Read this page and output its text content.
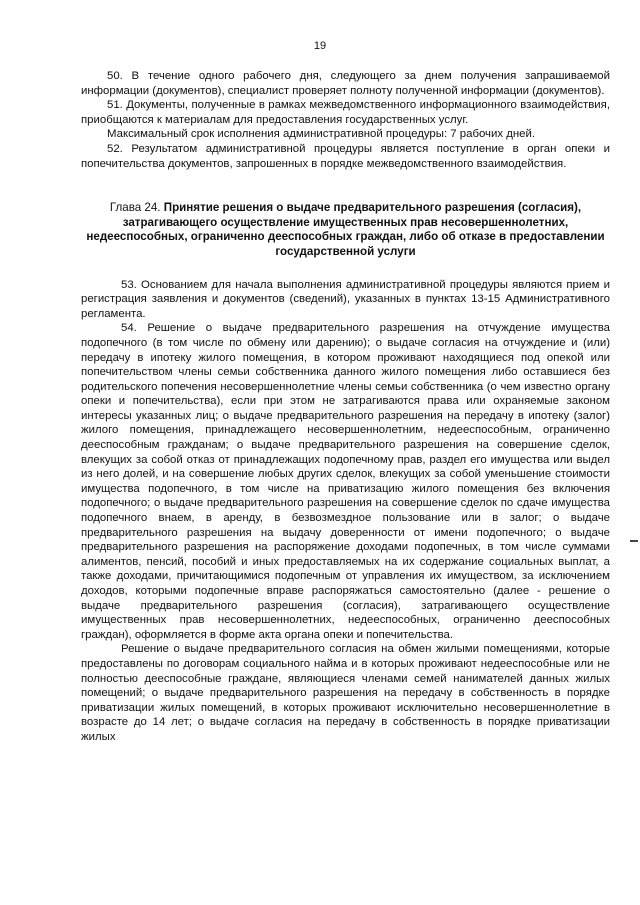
19

50. В течение одного рабочего дня, следующего за днем получения запрашиваемой информации (документов), специалист проверяет полноту полученной информации (документов).

51. Документы, полученные в рамках межведомственного информационного взаимодействия, приобщаются к материалам для предоставления государственных услуг.

Максимальный срок исполнения административной процедуры: 7 рабочих дней.

52. Результатом административной процедуры является поступление в орган опеки и попечительства документов, запрошенных в порядке межведомственного взаимодействия.

Глава 24. Принятие решения о выдаче предварительного разрешения (согласия), затрагивающего осуществление имущественных прав несовершеннолетних, недееспособных, ограниченно дееспособных граждан, либо об отказе в предоставлении государственной услуги

53. Основанием для начала выполнения административной процедуры являются прием и регистрация заявления и документов (сведений), указанных в пунктах 13-15 Административного регламента.

54. Решение о выдаче предварительного разрешения на отчуждение имущества подопечного (в том числе по обмену или дарению); о выдаче согласия на отчуждение и (или) передачу в ипотеку жилого помещения, в котором проживают находящиеся под опекой или попечительством члены семьи собственника данного жилого помещения либо оставшиеся без родительского попечения несовершеннолетние члены семьи собственника (о чем известно органу опеки и попечительства), если при этом не затрагиваются права или охраняемые законом интересы указанных лиц; о выдаче предварительного разрешения на передачу в ипотеку (залог) жилого помещения, принадлежащего несовершеннолетним, недееспособным, ограниченно дееспособным гражданам; о выдаче предварительного разрешения на совершение сделок, влекущих за собой отказ от принадлежащих подопечному прав, раздел его имущества или выдел из него долей, и на совершение любых других сделок, влекущих за собой уменьшение стоимости имущества подопечного, в том числе на приватизацию жилого помещения без включения подопечного; о выдаче предварительного разрешения на совершение сделок по сдаче имущества подопечного внаем, в аренду, в безвозмездное пользование или в залог; о выдаче предварительного разрешения на выдачу доверенности от имени подопечного; о выдаче предварительного разрешения на распоряжение доходами подопечных, в том числе суммами алиментов, пенсий, пособий и иных предоставляемых на их содержание социальных выплат, а также доходами, причитающимися подопечным от управления их имуществом, за исключением доходов, которыми подопечные вправе распоряжаться самостоятельно (далее - решение о выдаче предварительного разрешения (согласия), затрагивающего осуществление имущественных прав несовершеннолетних, недееспособных, ограниченно дееспособных граждан), оформляется в форме акта органа опеки и попечительства.

Решение о выдаче предварительного согласия на обмен жилыми помещениями, которые предоставлены по договорам социального найма и в которых проживают недееспособные или не полностью дееспособные граждане, являющиеся членами семей нанимателей данных жилых помещений; о выдаче предварительного разрешения на передачу в собственность в порядке приватизации жилых помещений, в которых проживают исключительно несовершеннолетние в возрасте до 14 лет; о выдаче согласия на передачу в собственность в порядке приватизации жилых
